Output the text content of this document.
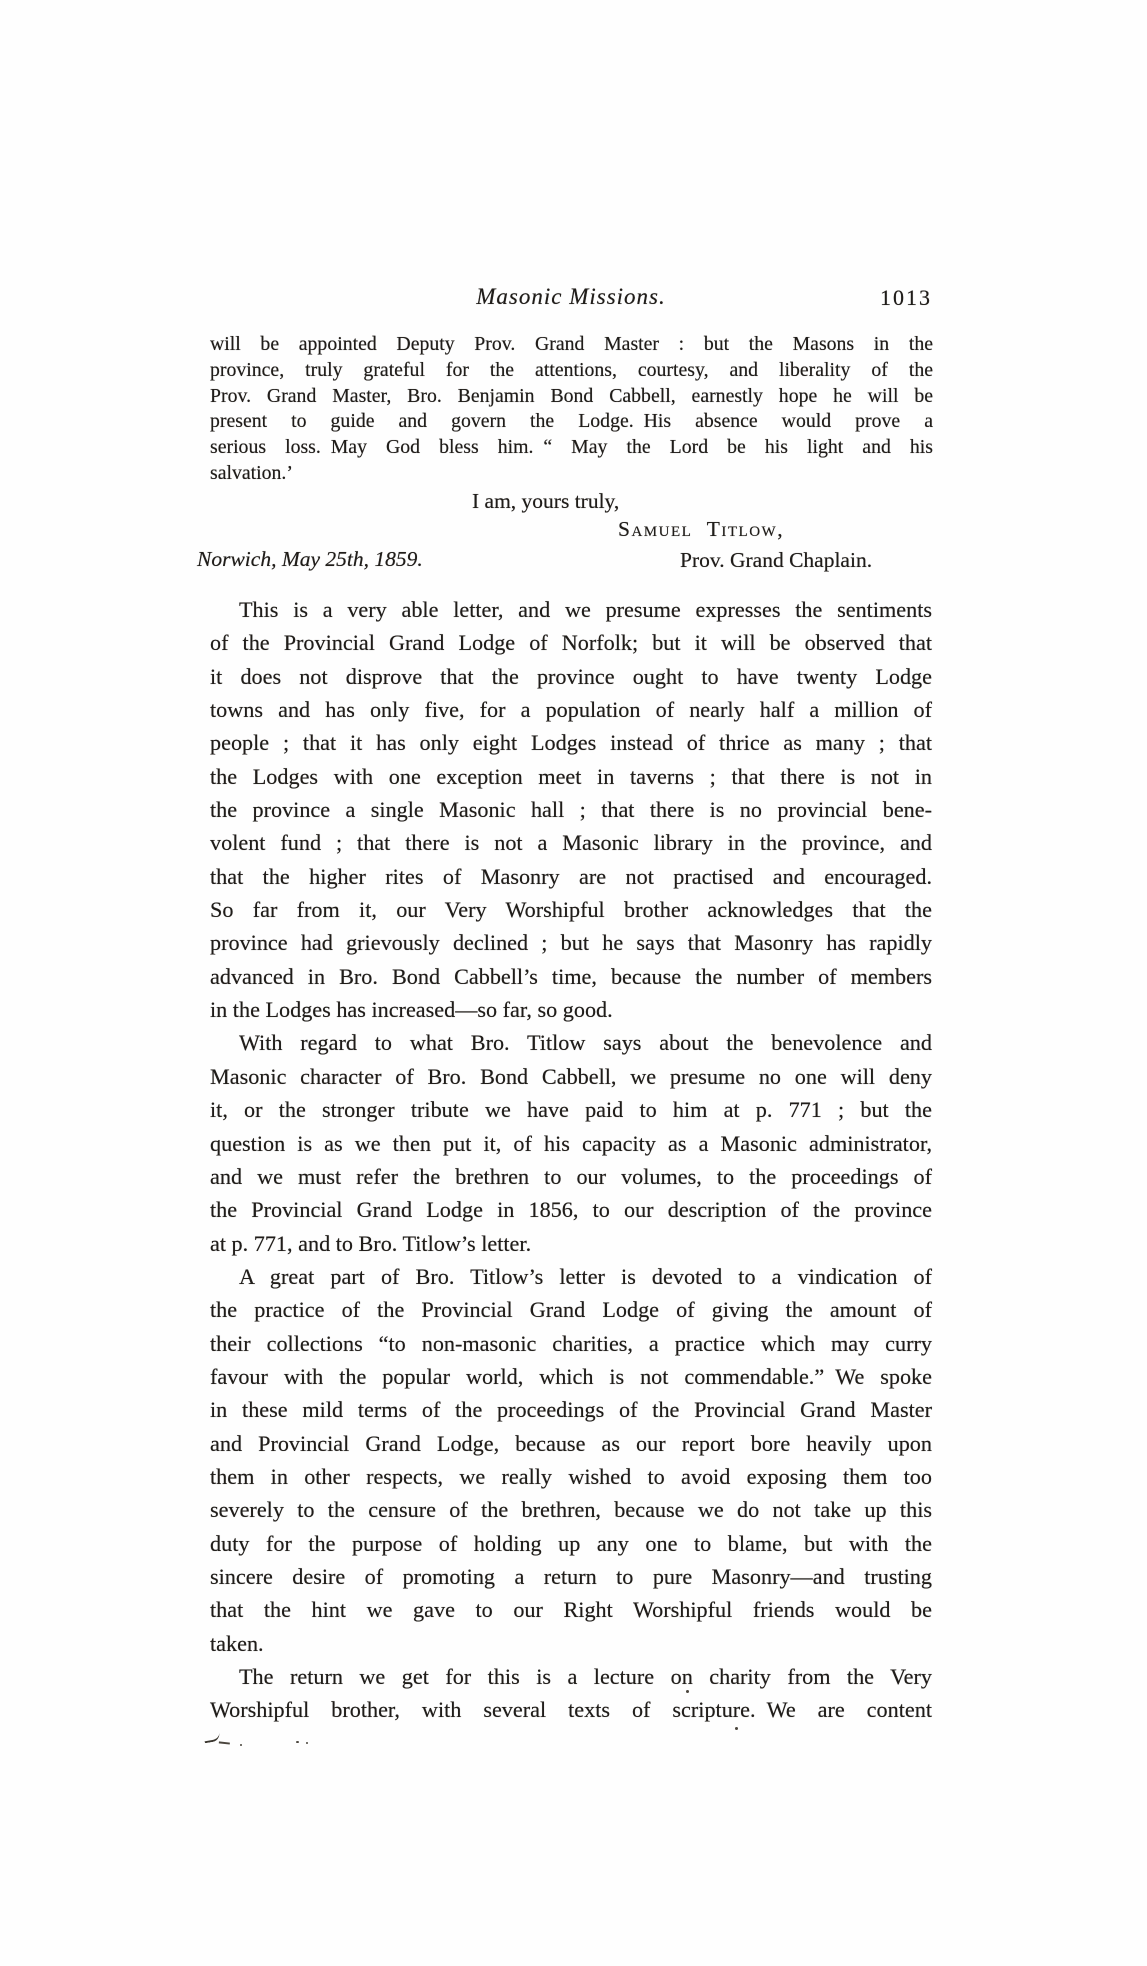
Masonic Missions.	1013
will be appointed Deputy Prov. Grand Master : but the Masons in the
province, truly grateful for the attentions, courtesy, and liberality of the
Prov. Grand Master, Bro. Benjamin Bond Cabbell, earnestly hope he will be
present to guide and govern the Lodge. His absence would prove a
serious loss. May God bless him. “ May the Lord be his light and his
salvation.’
I am, yours truly,
Samuel Titlow,
Norwich, May 25th, 1859.	Prov. Grand Chaplain.
This is a very able letter, and we presume expresses the sentiments
of the Provincial Grand Lodge of Norfolk; but it will be observed that
it does not disprove that the province ought to have twenty Lodge
towns and has only five, for a population of nearly half a million of
people ; that it has only eight Lodges instead of thrice as many ; that
the Lodges with one exception meet in taverns ; that there is not in
the province a single Masonic hall ; that there is no provincial bene-
volent fund ; that there is not a Masonic library in the province, and
that the higher rites of Masonry are not practised and encouraged.
So far from it, our Very Worshipful brother acknowledges that the
province had grievously declined ; but he says that Masonry has rapidly
advanced in Bro. Bond Cabbell’s time, because the number of members
in the Lodges has increased—so far, so good.
With regard to what Bro. Titlow says about the benevolence and
Masonic character of Bro. Bond Cabbell, we presume no one will deny
it, or the stronger tribute we have paid to him at p. 771 ; but the
question is as we then put it, of his capacity as a Masonic administrator,
and we must refer the brethren to our volumes, to the proceedings of
the Provincial Grand Lodge in 1856, to our description of the province
at p. 771, and to Bro. Titlow’s letter.
A great part of Bro. Titlow’s letter is devoted to a vindication of
the practice of the Provincial Grand Lodge of giving the amount of
their collections “to non-masonic charities, a practice which may curry
favour with the popular world, which is not commendable.” We spoke
in these mild terms of the proceedings of the Provincial Grand Master
and Provincial Grand Lodge, because as our report bore heavily upon
them in other respects, we really wished to avoid exposing them too
severely to the censure of the brethren, because we do not take up this
duty for the purpose of holding up any one to blame, but with the
sincere desire of promoting a return to pure Masonry—and trusting
that the hint we gave to our Right Worshipful friends would be
taken.
The return we get for this is a lecture on charity from the Very
Worshipful brother, with several texts of scripture. We are content
